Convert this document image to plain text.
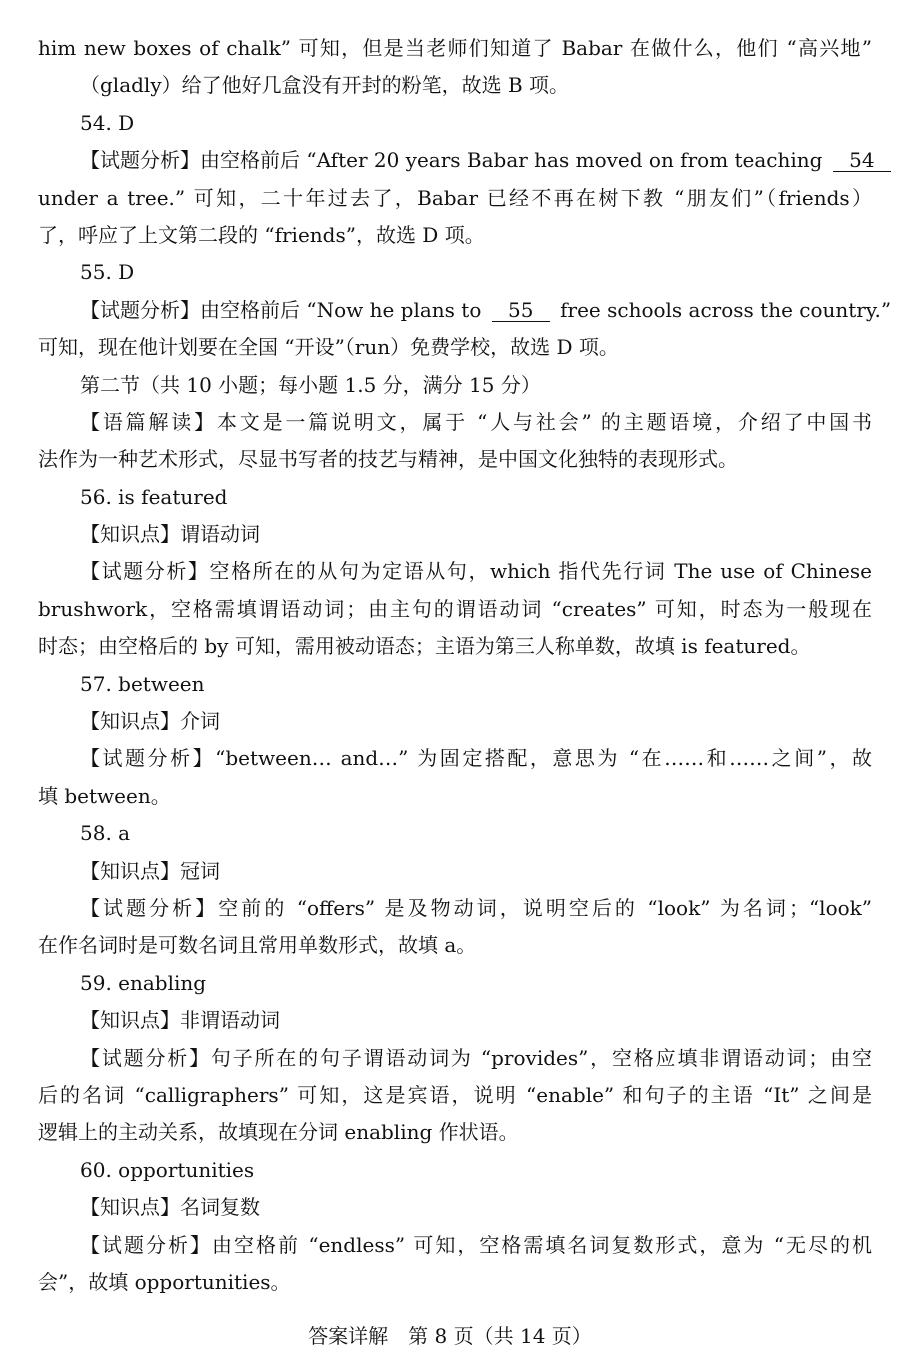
him new boxes of chalk” 可知，但是当老师们知道了 Babar 在做什么，他们 “高兴地”
（gladly）给了他好几盒没有开封的粉笔，故选 B 项。
54. D
【试题分析】由空格前后 “After 20 years Babar has moved on from teaching 54
under a tree.” 可知，二十年过去了，Babar 已经不再在树下教 “朋友们”（friends）
了，呼应了上文第二段的 “friends”，故选 D 项。
55. D
【试题分析】由空格前后 “Now he plans to 55 free schools across the country.”
可知，现在他计划要在全国 “开设”（run）免费学校，故选 D 项。
第二节（共 10 小题；每小题 1.5 分，满分 15 分）
【语篇解读】本文是一篇说明文，属于 “人与社会” 的主题语境，介绍了中国书
法作为一种艺术形式，尽显书写者的技艺与精神，是中国文化独特的表现形式。
56. is featured
【知识点】谓语动词
【试题分析】空格所在的从句为定语从句，which 指代先行词 The use of Chinese
brushwork，空格需填谓语动词；由主句的谓语动词 “creates” 可知，时态为一般现在
时态；由空格后的 by 可知，需用被动语态；主语为第三人称单数，故填 is featured。
57. between
【知识点】介词
【试题分析】“between… and…” 为固定搭配，意思为 “在……和……之间”，故
填 between。
58. a
【知识点】冠词
【试题分析】空前的 “offers” 是及物动词，说明空后的 “look” 为名词；“look”
在作名词时是可数名词且常用单数形式，故填 a。
59. enabling
【知识点】非谓语动词
【试题分析】句子所在的句子谓语动词为 “provides”，空格应填非谓语动词；由空
后的名词 “calligraphers” 可知，这是宾语，说明 “enable” 和句子的主语 “It” 之间是
逻辑上的主动关系，故填现在分词 enabling 作状语。
60. opportunities
【知识点】名词复数
【试题分析】由空格前 “endless” 可知，空格需填名词复数形式，意为 “无尽的机
会”，故填 opportunities。
答案详解　第 8 页（共 14 页）
